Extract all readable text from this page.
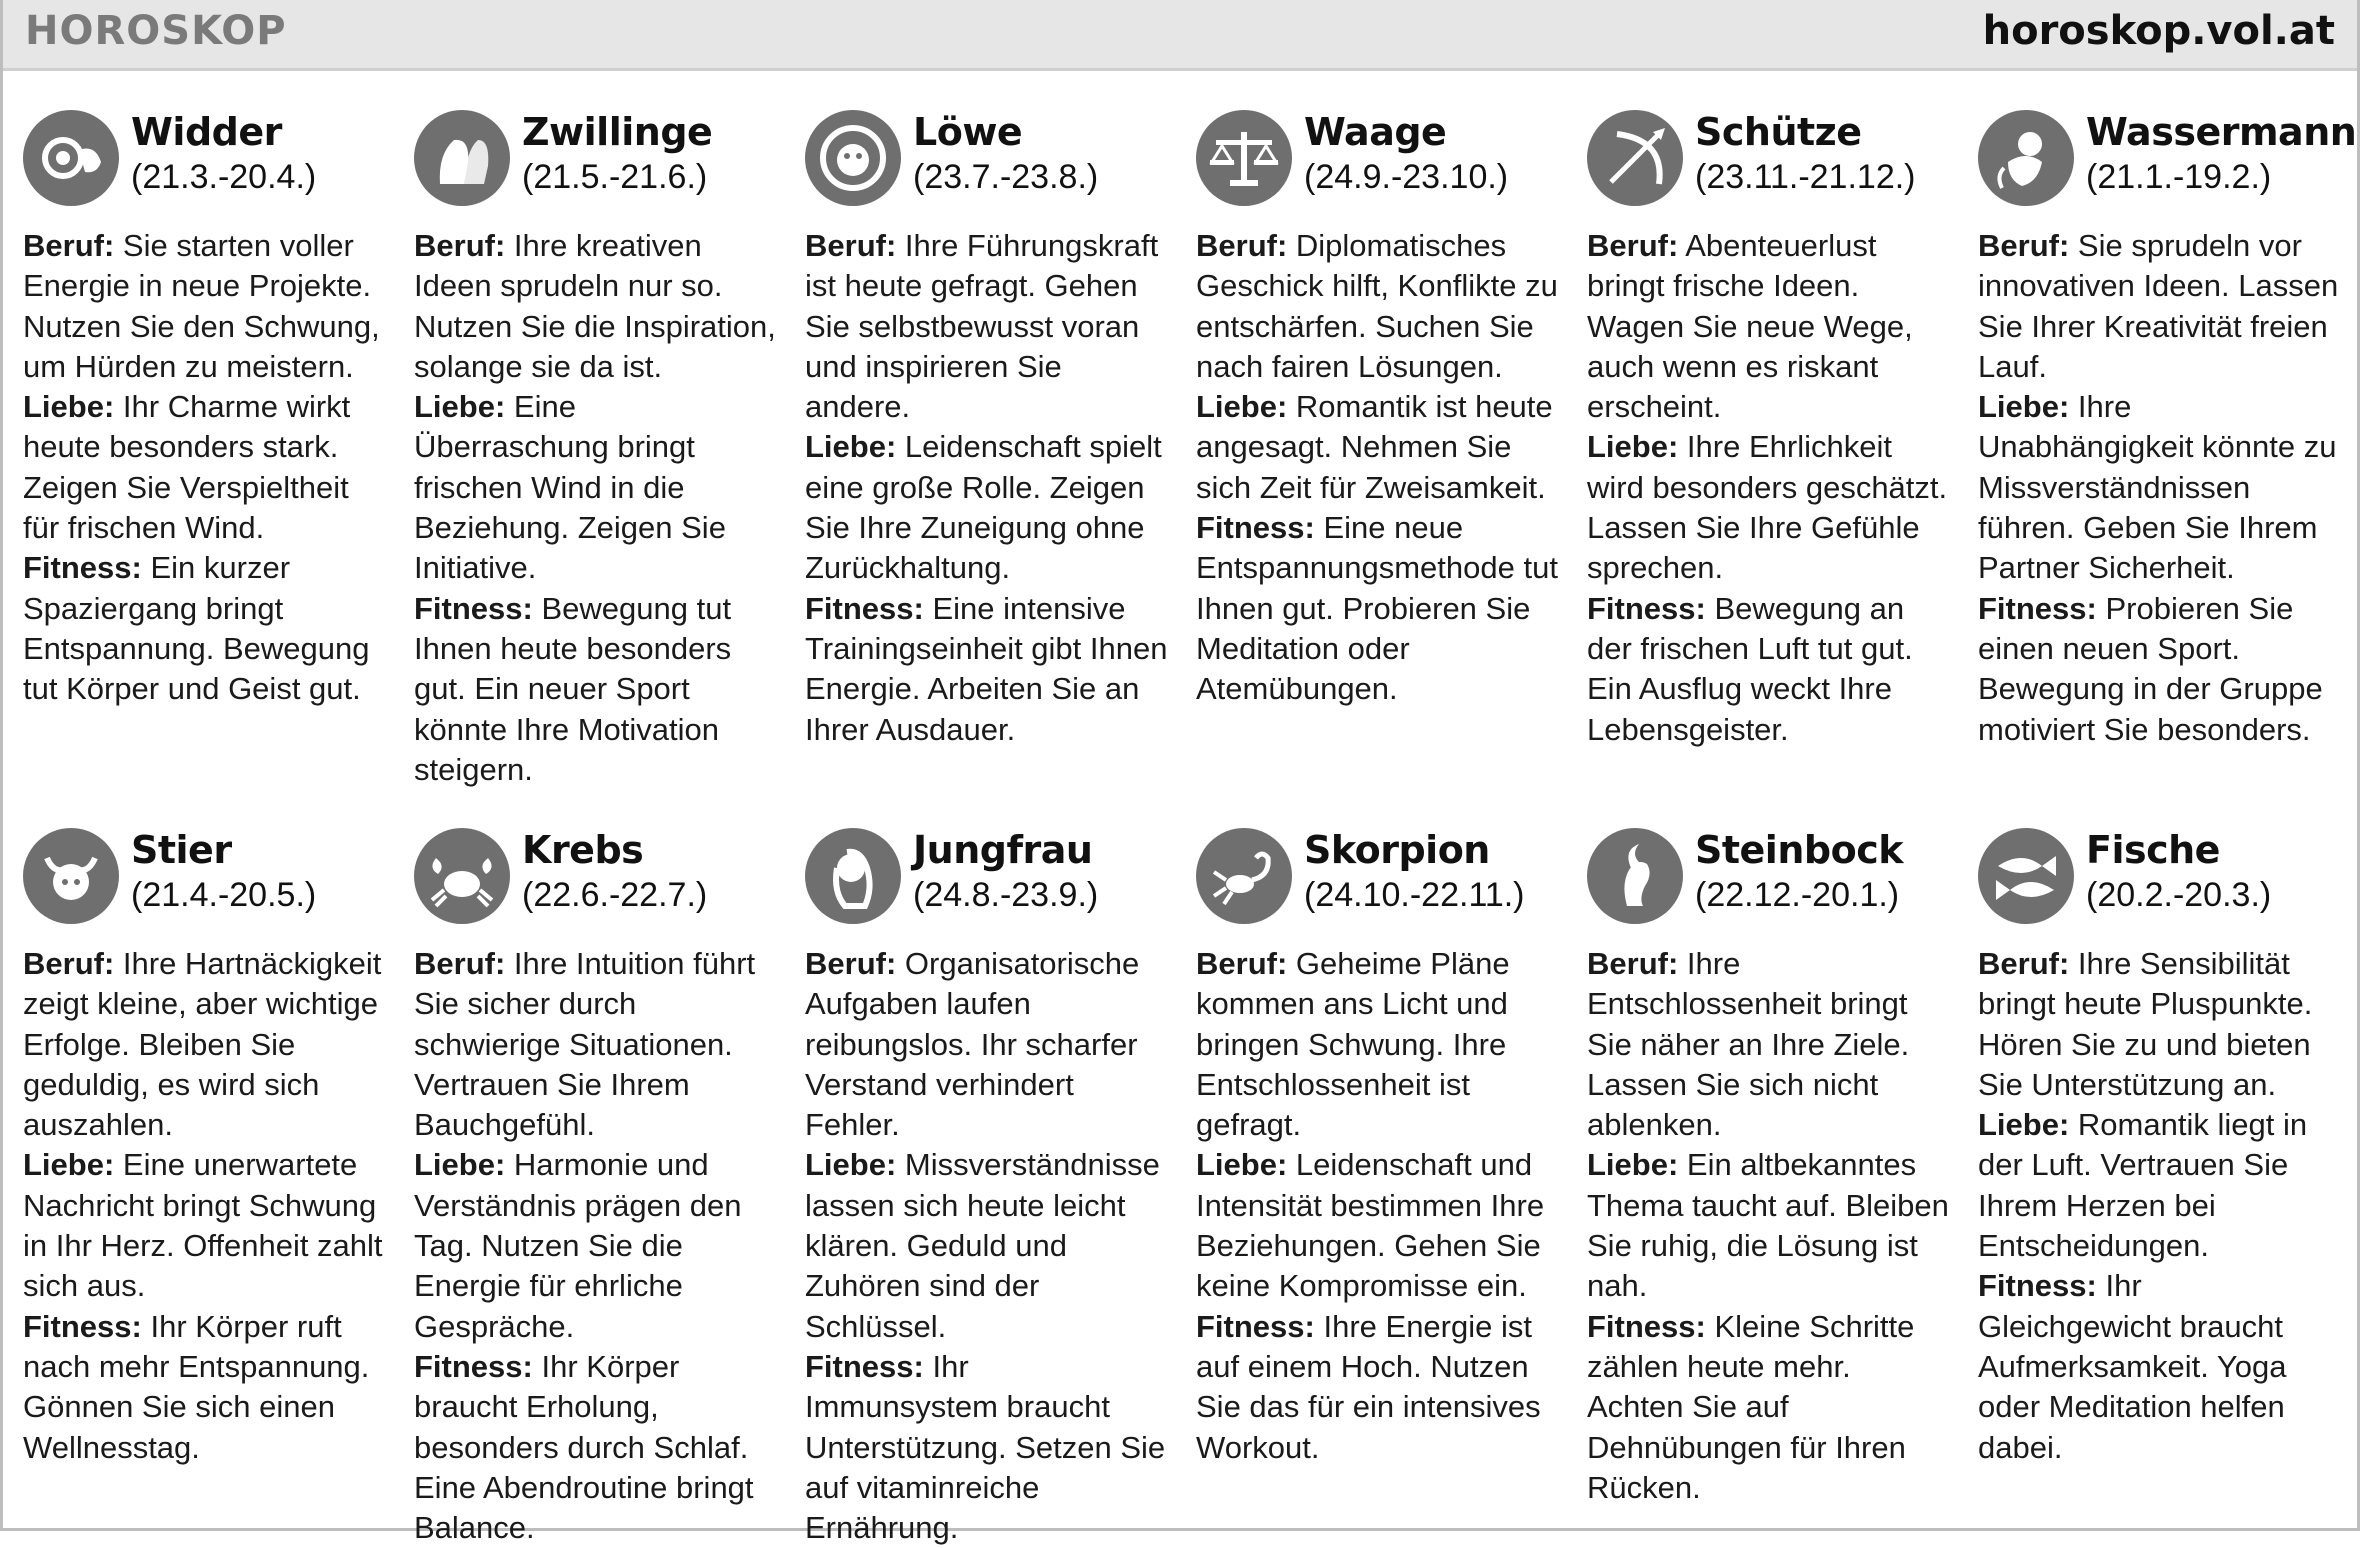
HOROSKOP	horoskop.vol.at
Widder
(21.3.-20.4.)
Beruf: Sie starten voller Energie in neue Projekte. Nutzen Sie den Schwung, um Hürden zu meistern.
Liebe: Ihr Charme wirkt heute besonders stark. Zeigen Sie Verspieltheit für frischen Wind.
Fitness: Ein kurzer Spaziergang bringt Entspannung. Bewegung tut Körper und Geist gut.
Zwillinge
(21.5.-21.6.)
Beruf: Ihre kreativen Ideen sprudeln nur so. Nutzen Sie die Inspiration, solange sie da ist.
Liebe: Eine Überraschung bringt frischen Wind in die Beziehung. Zeigen Sie Initiative.
Fitness: Bewegung tut Ihnen heute besonders gut. Ein neuer Sport könnte Ihre Motivation steigern.
Löwe
(23.7.-23.8.)
Beruf: Ihre Führungskraft ist heute gefragt. Gehen Sie selbstbewusst voran und inspirieren Sie andere.
Liebe: Leidenschaft spielt eine große Rolle. Zeigen Sie Ihre Zuneigung ohne Zurückhaltung.
Fitness: Eine intensive Trainingseinheit gibt Ihnen Energie. Arbeiten Sie an Ihrer Ausdauer.
Waage
(24.9.-23.10.)
Beruf: Diplomatisches Geschick hilft, Konflikte zu entschärfen. Suchen Sie nach fairen Lösungen.
Liebe: Romantik ist heute angesagt. Nehmen Sie sich Zeit für Zweisamkeit.
Fitness: Eine neue Entspannungsmethode tut Ihnen gut. Probieren Sie Meditation oder Atemübungen.
Schütze
(23.11.-21.12.)
Beruf: Abenteuerlust bringt frische Ideen. Wagen Sie neue Wege, auch wenn es riskant erscheint.
Liebe: Ihre Ehrlichkeit wird besonders geschätzt. Lassen Sie Ihre Gefühle sprechen.
Fitness: Bewegung an der frischen Luft tut gut. Ein Ausflug weckt Ihre Lebensgeister.
Wassermann
(21.1.-19.2.)
Beruf: Sie sprudeln vor innovativen Ideen. Lassen Sie Ihrer Kreativität freien Lauf.
Liebe: Ihre Unabhängigkeit könnte zu Missverständnissen führen. Geben Sie Ihrem Partner Sicherheit.
Fitness: Probieren Sie einen neuen Sport. Bewegung in der Gruppe motiviert Sie besonders.
Stier
(21.4.-20.5.)
Beruf: Ihre Hartnäckigkeit zeigt kleine, aber wichtige Erfolge. Bleiben Sie geduldig, es wird sich auszahlen.
Liebe: Eine unerwartete Nachricht bringt Schwung in Ihr Herz. Offenheit zahlt sich aus.
Fitness: Ihr Körper ruft nach mehr Entspannung. Gönnen Sie sich einen Wellnesstag.
Krebs
(22.6.-22.7.)
Beruf: Ihre Intuition führt Sie sicher durch schwierige Situationen. Vertrauen Sie Ihrem Bauchgefühl.
Liebe: Harmonie und Verständnis prägen den Tag. Nutzen Sie die Energie für ehrliche Gespräche.
Fitness: Ihr Körper braucht Erholung, besonders durch Schlaf. Eine Abendroutine bringt Balance.
Jungfrau
(24.8.-23.9.)
Beruf: Organisatorische Aufgaben laufen reibungslos. Ihr scharfer Verstand verhindert Fehler.
Liebe: Missverständnisse lassen sich heute leicht klären. Geduld und Zuhören sind der Schlüssel.
Fitness: Ihr Immunsystem braucht Unterstützung. Setzen Sie auf vitaminreiche Ernährung.
Skorpion
(24.10.-22.11.)
Beruf: Geheime Pläne kommen ans Licht und bringen Schwung. Ihre Entschlossenheit ist gefragt.
Liebe: Leidenschaft und Intensität bestimmen Ihre Beziehungen. Gehen Sie keine Kompromisse ein.
Fitness: Ihre Energie ist auf einem Hoch. Nutzen Sie das für ein intensives Workout.
Steinbock
(22.12.-20.1.)
Beruf: Ihre Entschlossenheit bringt Sie näher an Ihre Ziele. Lassen Sie sich nicht ablenken.
Liebe: Ein altbekanntes Thema taucht auf. Bleiben Sie ruhig, die Lösung ist nah.
Fitness: Kleine Schritte zählen heute mehr. Achten Sie auf Dehnübungen für Ihren Rücken.
Fische
(20.2.-20.3.)
Beruf: Ihre Sensibilität bringt heute Pluspunkte. Hören Sie zu und bieten Sie Unterstützung an.
Liebe: Romantik liegt in der Luft. Vertrauen Sie Ihrem Herzen bei Entscheidungen.
Fitness: Ihr Gleichgewicht braucht Aufmerksamkeit. Yoga oder Meditation helfen dabei.
